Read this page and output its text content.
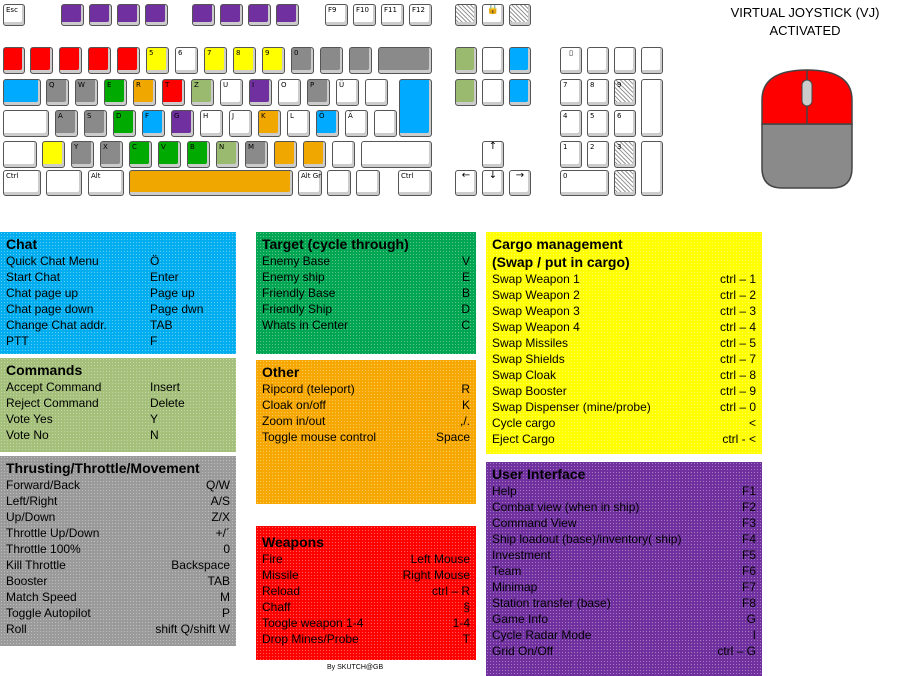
Esc	F9	F10	F11	F12	🔒
5	6	7	8	9	0	▯
Q	W	E	R	T	Z	U	I	O	P	Ü	7	8	9
A	S	D	F	G	H	J	K	L	Ö	Ä	4	5	6
Y	X	C	V	B	N	M	↑	1	2	3
Ctrl	Alt	Alt Gr	Ctrl	←	↓	→	0
VIRTUAL JOYSTICK (VJ)
ACTIVATED
Chat
Quick Chat Menu	Ö
Start Chat	Enter
Chat page up	Page up
Chat page down	Page dwn
Change Chat addr.	TAB
PTT	F
Commands
Accept Command	Insert
Reject Command	Delete
Vote Yes	Y
Vote No	N
Thrusting/Throttle/Movement
Forward/Back	Q/W
Left/Right	A/S
Up/Down	Z/X
Throttle Up/Down	+/´
Throttle 100%	0
Kill Throttle	Backspace
Booster	TAB
Match Speed	M
Toggle Autopilot	P
Roll	shift Q/shift W
Target (cycle through)
Enemy Base	V
Enemy ship	E
Friendly Base	B
Friendly Ship	D
Whats in Center	C
Other
Ripcord (teleport)	R
Cloak on/off	K
Zoom in/out	,/.
Toggle mouse control	Space
Weapons
Fire	Left Mouse
Missile	Right Mouse
Reload	ctrl – R
Chaff	§
Toogle weapon 1-4	1-4
Drop Mines/Probe	T
Cargo management
(Swap / put in cargo)
Swap Weapon 1	ctrl – 1
Swap Weapon 2	ctrl – 2
Swap Weapon 3	ctrl – 3
Swap Weapon 4	ctrl – 4
Swap Missiles	ctrl – 5
Swap Shields	ctrl – 7
Swap Cloak	ctrl – 8
Swap Booster	ctrl – 9
Swap Dispenser (mine/probe)	ctrl – 0
Cycle cargo	<
Eject Cargo	ctrl - <
User Interface
Help	F1
Combat view (when in ship)	F2
Command View	F3
Ship loadout (base)/inventory( ship)	F4
Investment	F5
Team	F6
Minimap	F7
Station transfer (base)	F8
Game Info	G
Cycle Radar Mode	I
Grid On/Off	ctrl – G
By SKUTCH@GB
